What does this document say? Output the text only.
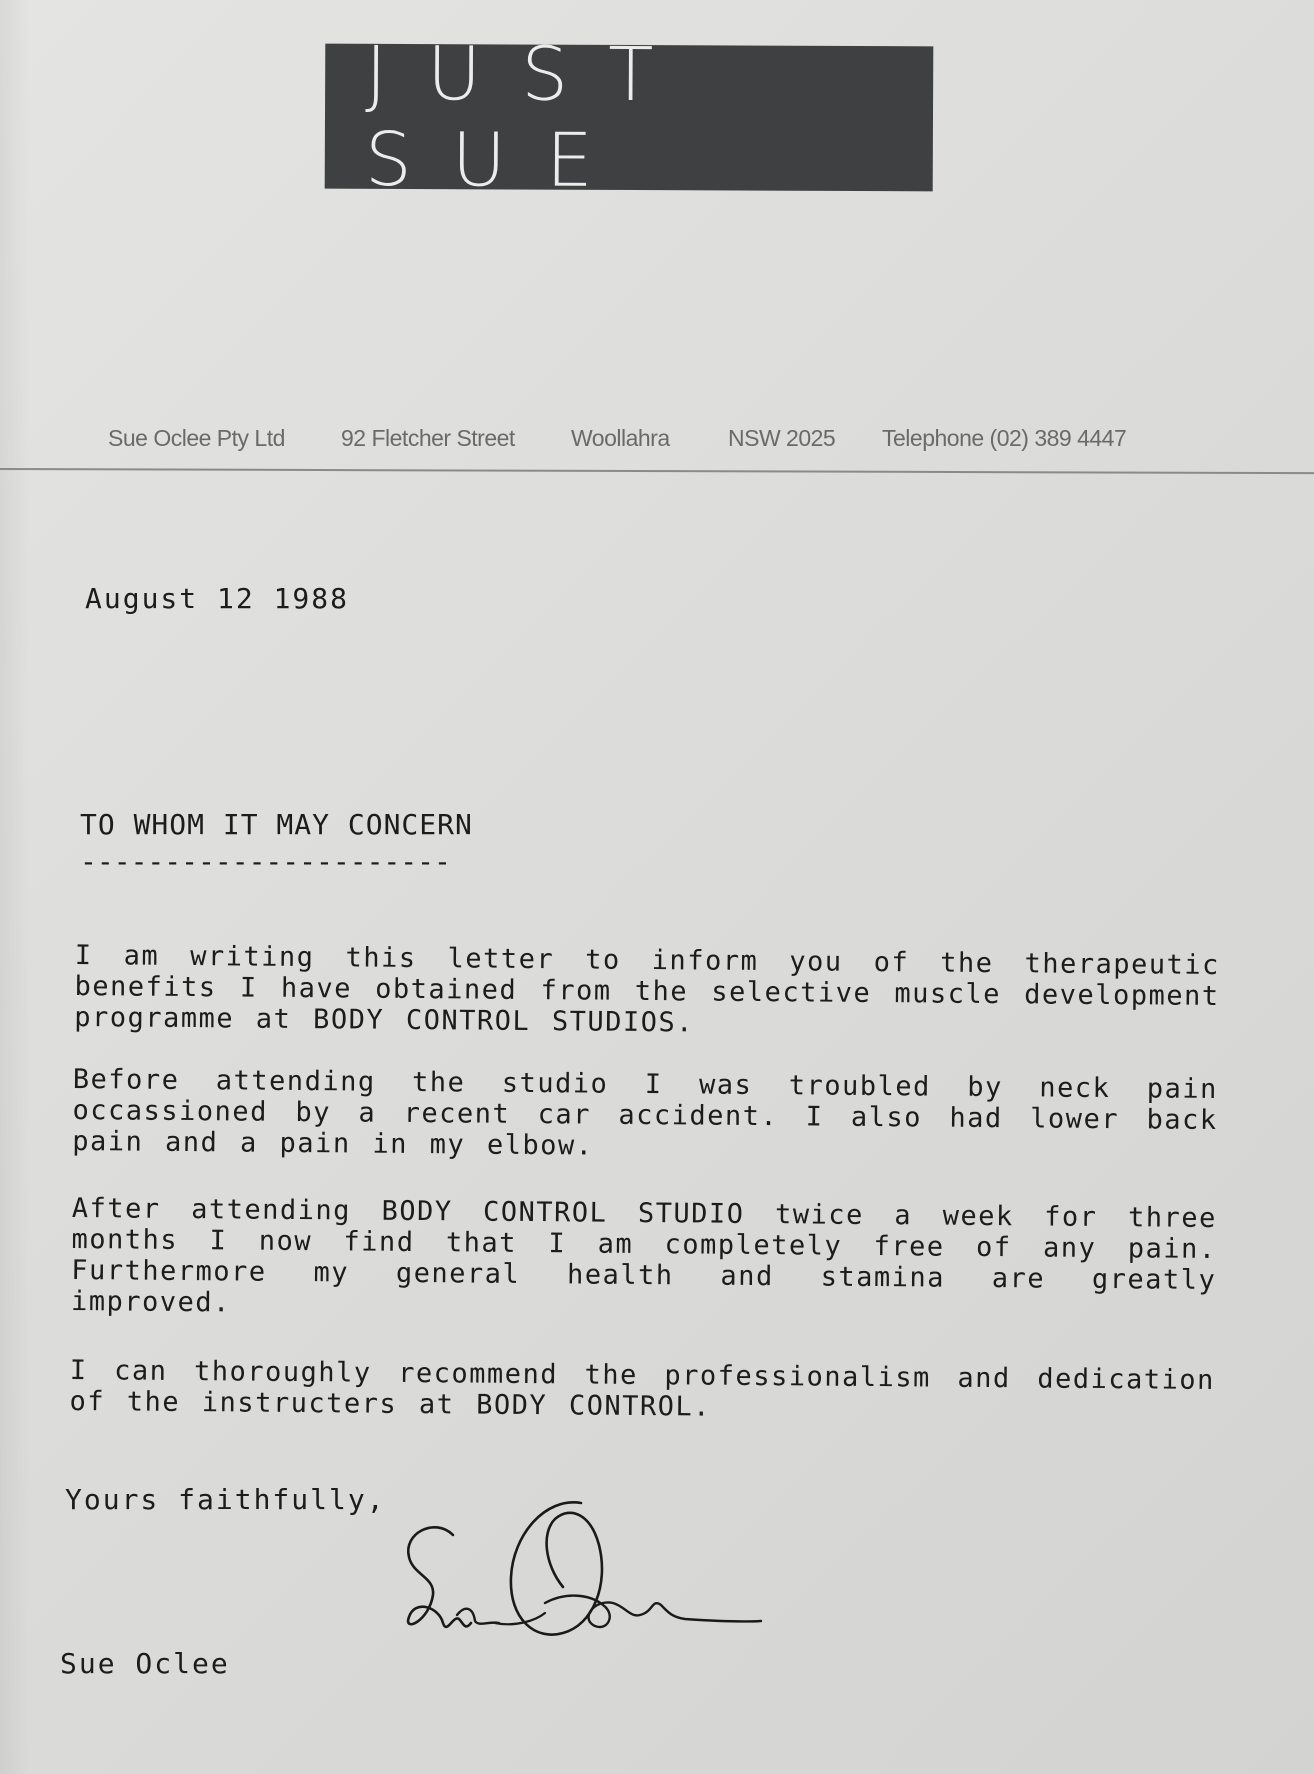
JUST SUE
Sue Oclee Pty Ltd 92 Fletcher Street Woollahra	NSW 2025 Telephone (02) 389 4447
August 12 1988
TO WHOM IT MAY CONCERN
----------------------
I am writing this letter to inform you of the therapeutic benefits I have obtained from the selective muscle development programme at BODY CONTROL STUDIOS.
Before attending the studio I was troubled by neck pain occassioned by a recent car accident. I also had lower back pain and a pain in my elbow.
After attending BODY CONTROL STUDIO twice a week for three months I now find that I am completely free of any pain. Furthermore my general health and stamina are greatly improved.
I can thoroughly recommend the professionalism and dedication of the instructers at BODY CONTROL.
Yours faithfully,
Sue Oclee
